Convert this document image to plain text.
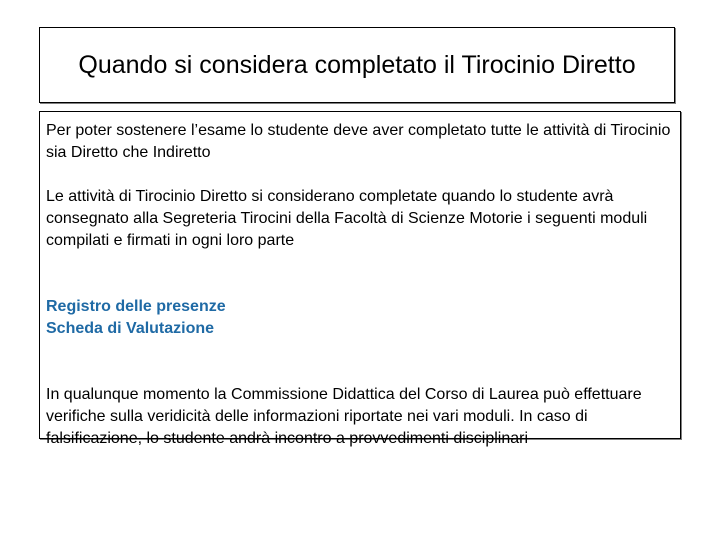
Quando si considera completato il Tirocinio Diretto

Per poter sostenere l’esame lo studente deve aver completato tutte le attività di Tirocinio sia Diretto che Indiretto

Le attività di Tirocinio Diretto si considerano completate quando lo studente avrà consegnato alla Segreteria Tirocini della Facoltà di Scienze Motorie i seguenti moduli compilati e firmati in ogni loro parte

Registro delle presenze
Scheda di Valutazione

In qualunque momento la Commissione Didattica del Corso di Laurea può effettuare verifiche sulla veridicità delle informazioni riportate nei vari moduli. In caso di falsificazione, lo studente andrà incontro a provvedimenti disciplinari
